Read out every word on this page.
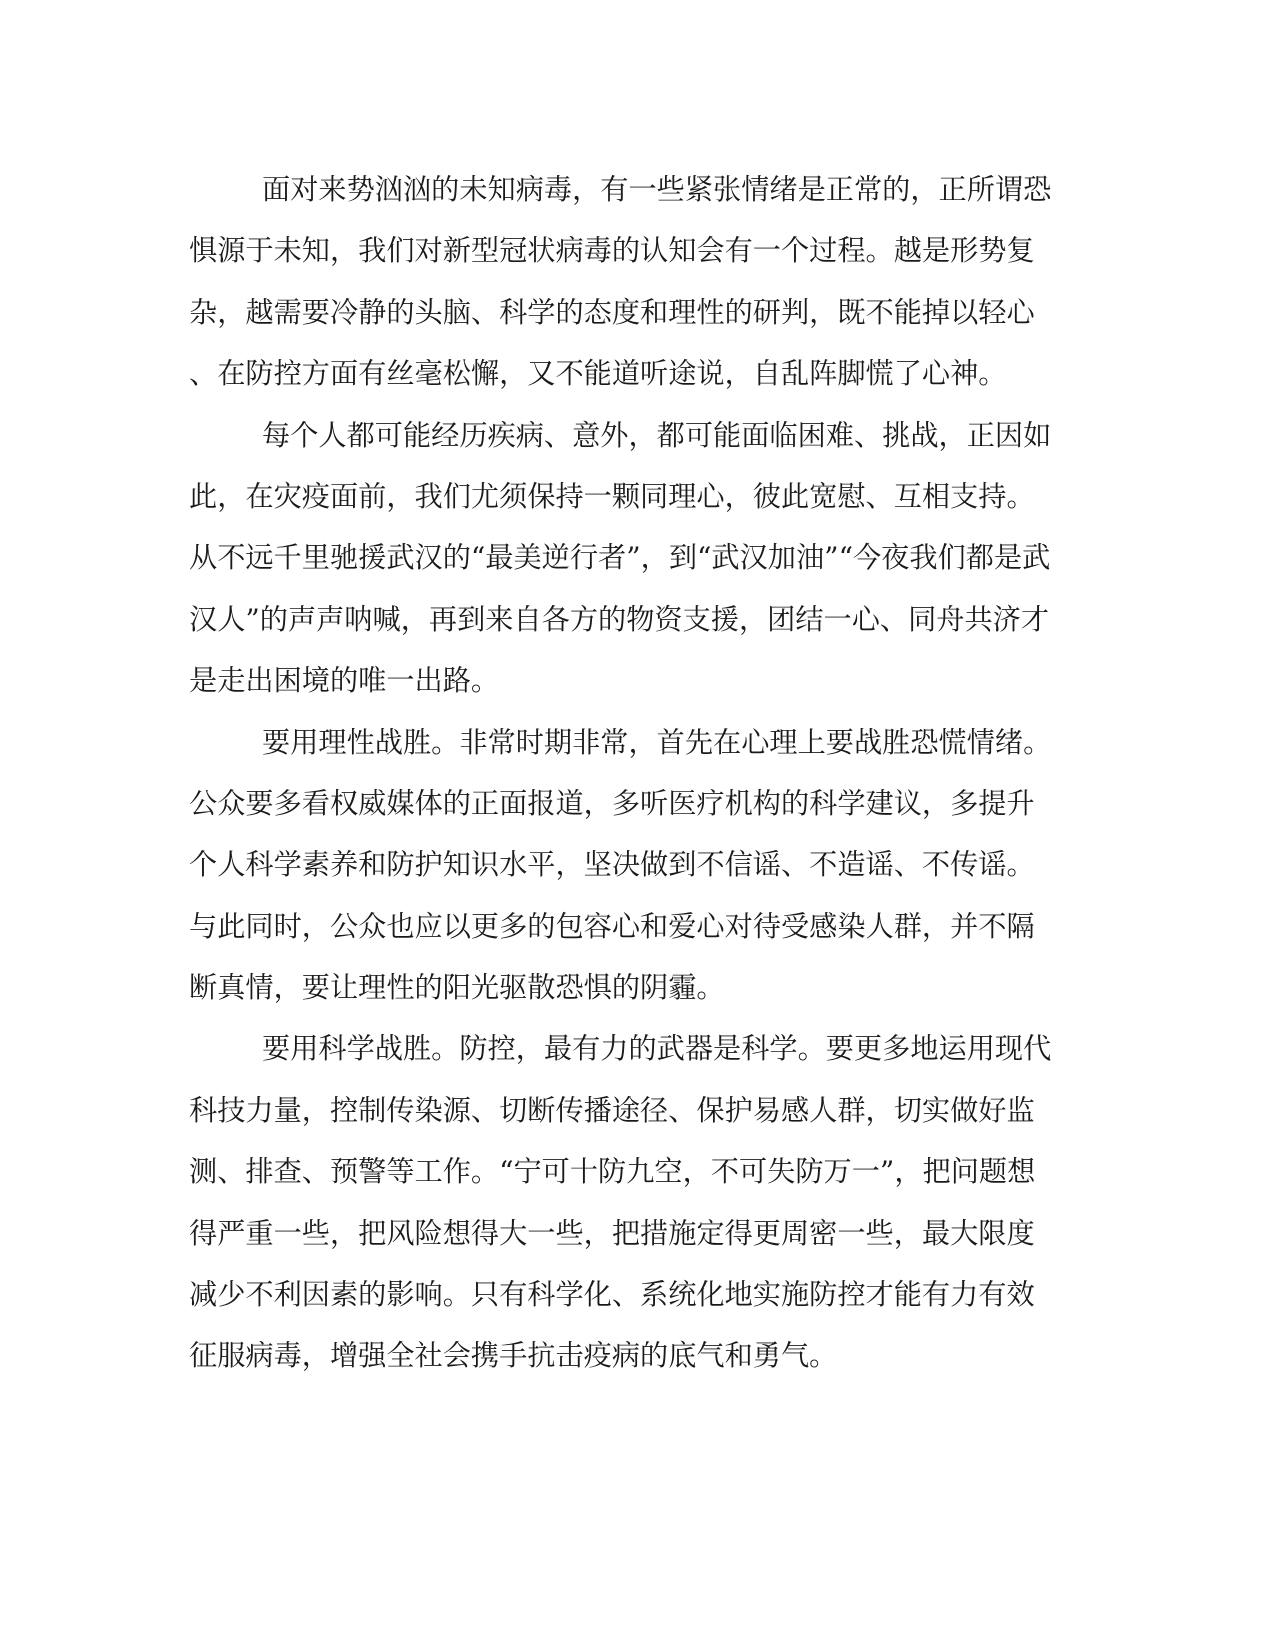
面对来势汹汹的未知病毒，有一些紧张情绪是正常的，正所谓恐
惧源于未知，我们对新型冠状病毒的认知会有一个过程。越是形势复
杂，越需要冷静的头脑、科学的态度和理性的研判，既不能掉以轻心
、在防控方面有丝毫松懈，又不能道听途说，自乱阵脚慌了心神。
每个人都可能经历疾病、意外，都可能面临困难、挑战，正因如
此，在灾疫面前，我们尤须保持一颗同理心，彼此宽慰、互相支持。
从不远千里驰援武汉的“最美逆行者”，到“武汉加油”“今夜我们都是武
汉人”的声声呐喊，再到来自各方的物资支援，团结一心、同舟共济才
是走出困境的唯一出路。
要用理性战胜。非常时期非常，首先在心理上要战胜恐慌情绪。
公众要多看权威媒体的正面报道，多听医疗机构的科学建议，多提升
个人科学素养和防护知识水平，坚决做到不信谣、不造谣、不传谣。
与此同时，公众也应以更多的包容心和爱心对待受感染人群，并不隔
断真情，要让理性的阳光驱散恐惧的阴霾。
要用科学战胜。防控，最有力的武器是科学。要更多地运用现代
科技力量，控制传染源、切断传播途径、保护易感人群，切实做好监
测、排查、预警等工作。“宁可十防九空，不可失防万一”，把问题想
得严重一些，把风险想得大一些，把措施定得更周密一些，最大限度
减少不利因素的影响。只有科学化、系统化地实施防控才能有力有效
征服病毒，增强全社会携手抗击疫病的底气和勇气。
